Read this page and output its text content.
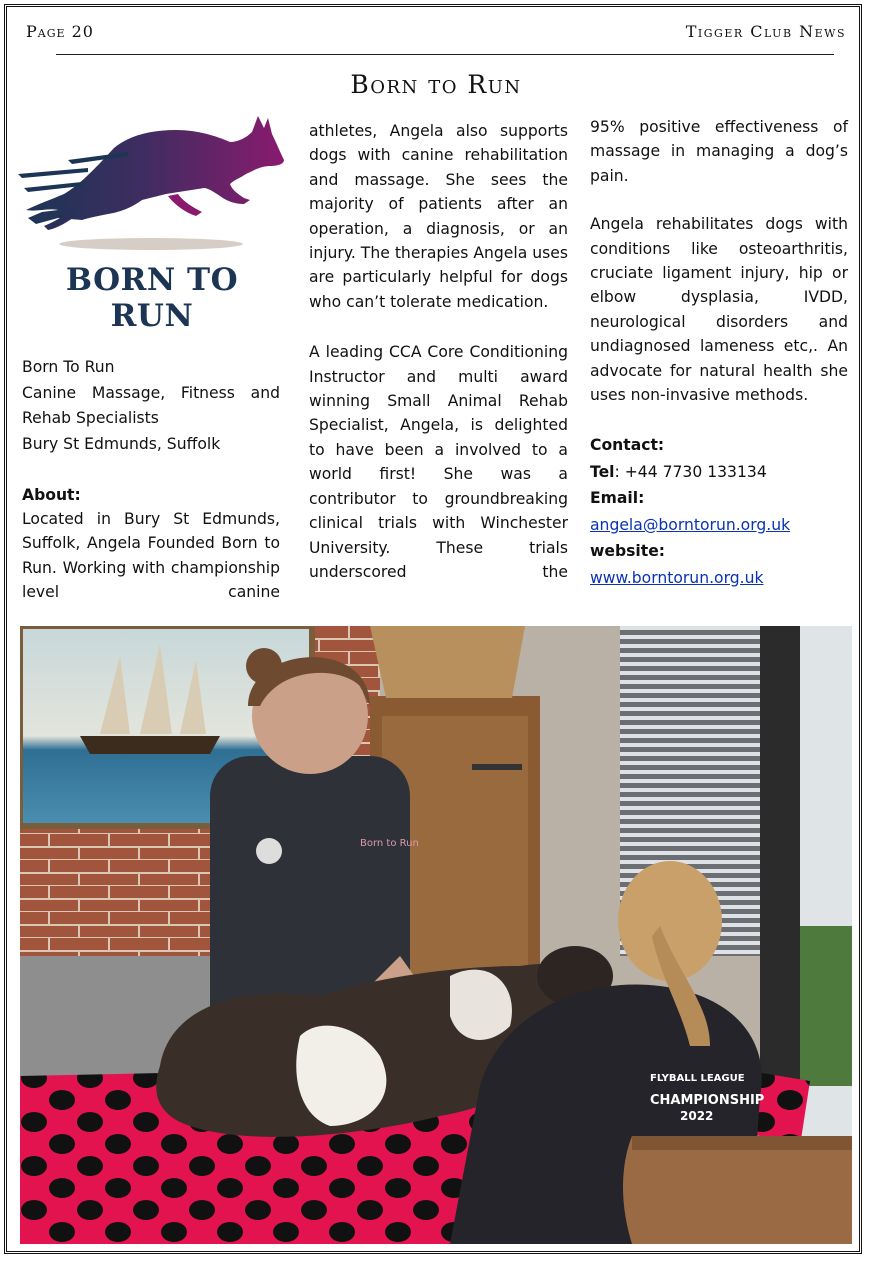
Page 20	Tigger Club News
Born to Run
BORN TO RUN

Born To Run

Canine Massage, Fitness and Rehab Specialists

Bury St Edmunds, Suffolk

About:

Located in Bury St Edmunds, Suffolk, Angela Founded Born to Run. Working with championship level canine

athletes, Angela also supports dogs with canine rehabilitation and massage. She sees the majority of patients after an operation, a diagnosis, or an injury. The therapies Angela uses are particularly helpful for dogs who can’t tolerate medication.

A leading CCA Core Conditioning Instructor and multi award winning Small Animal Rehab Specialist, Angela, is delighted to have been a involved to a world first! She was a contributor to groundbreaking clinical trials with Winchester University. These trials underscored the

95% positive effectiveness of massage in managing a dog’s pain.

Angela rehabilitates dogs with conditions like osteoarthritis, cruciate ligament injury, hip or elbow dysplasia, IVDD, neurological disorders and undiagnosed lameness etc,. An advocate for natural health she uses non-invasive methods.

Contact:

Tel: +44 7730 133134

Email:

angela@borntorun.org.uk

website:

www.borntorun.org.uk

Born to Run
FLYBALL LEAGUE
CHAMPIONSHIP
2022
